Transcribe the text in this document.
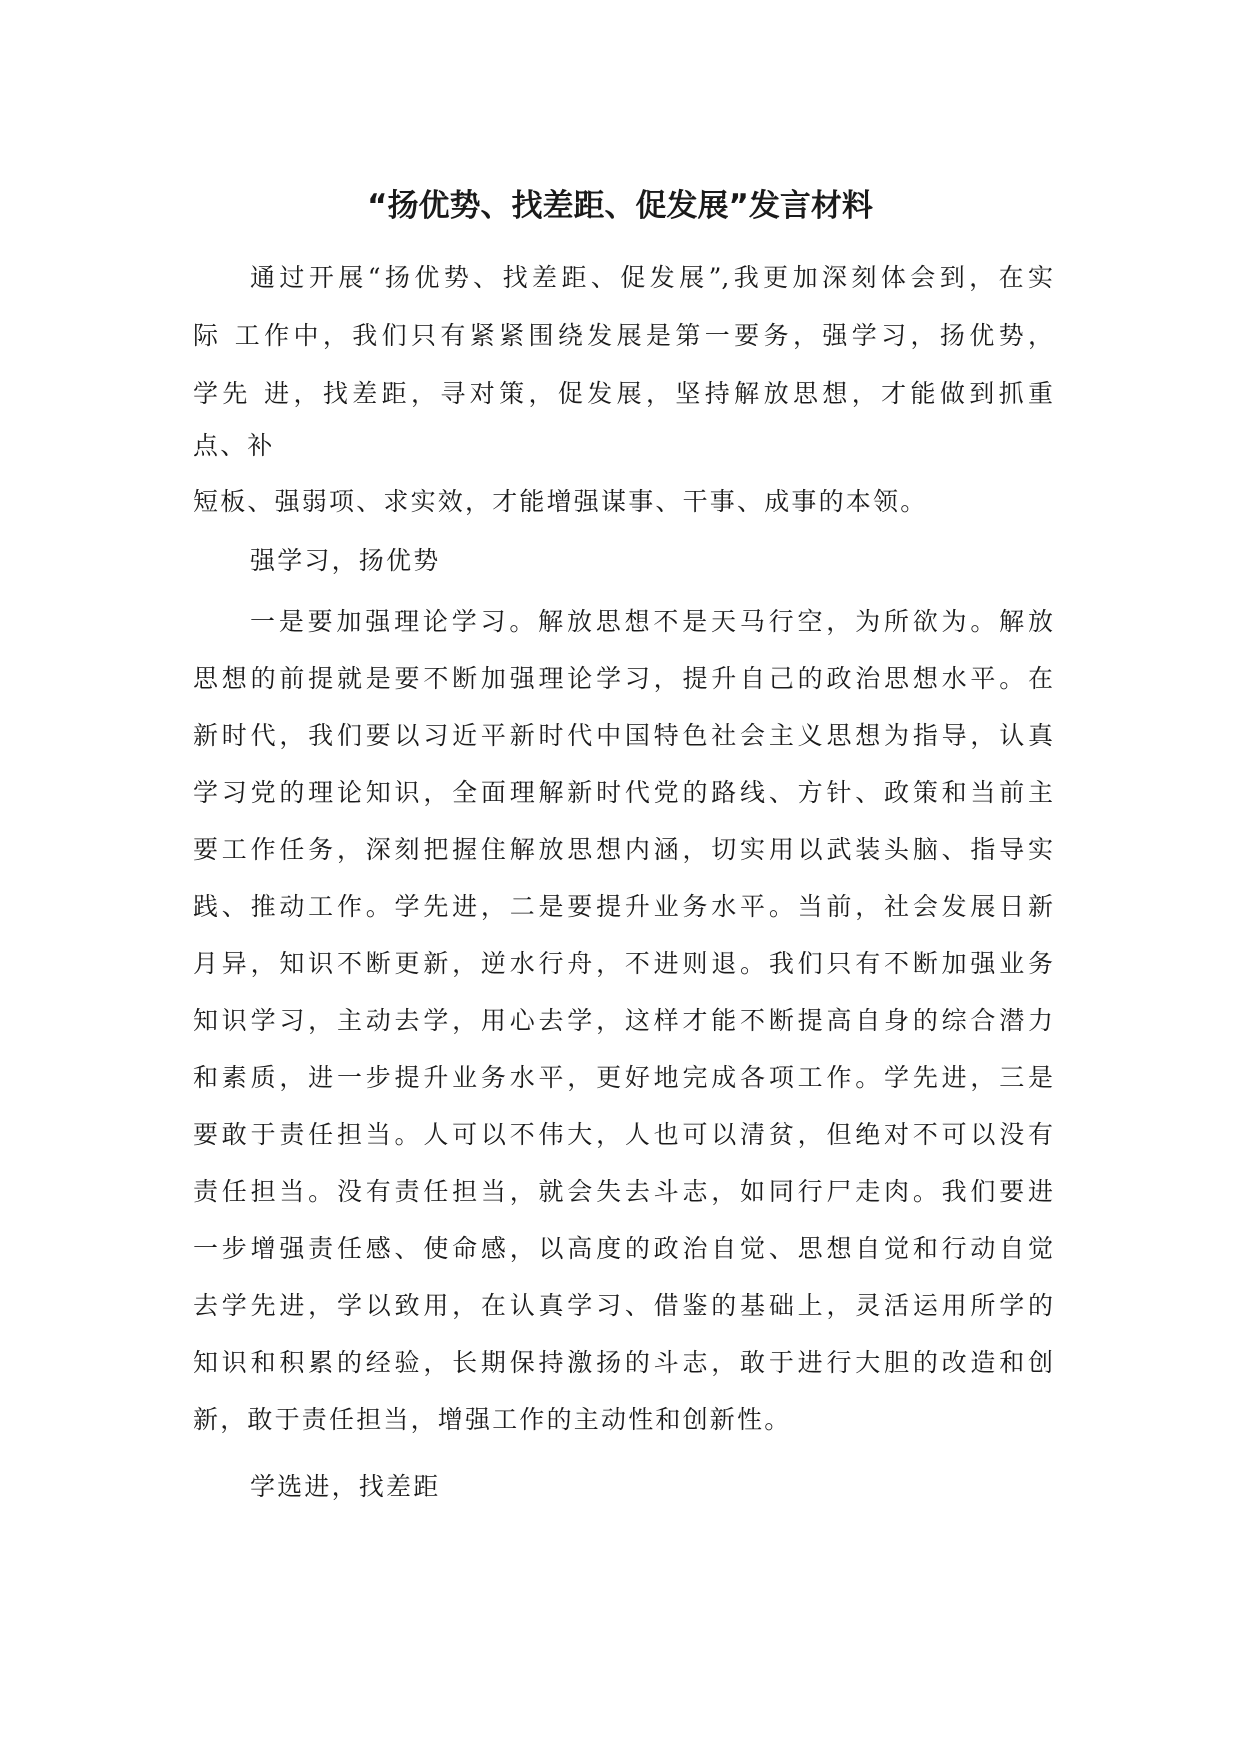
“扬优势、找差距、促发展”发言材料

通过开展“扬优势、找差距、促发展”,我更加深刻体会到，在实

际 工作中，我们只有紧紧围绕发展是第一要务，强学习，扬优势，

学先 进，找差距，寻对策，促发展，坚持解放思想，才能做到抓重

点、补

短板、强弱项、求实效，才能增强谋事、干事、成事的本领。

强学习，扬优势

一是要加强理论学习。解放思想不是天马行空，为所欲为。解放

思想的前提就是要不断加强理论学习，提升自己的政治思想水平。在

新时代，我们要以习近平新时代中国特色社会主义思想为指导，认真

学习党的理论知识，全面理解新时代党的路线、方针、政策和当前主

要工作任务，深刻把握住解放思想内涵，切实用以武装头脑、指导实

践、推动工作。学先进，二是要提升业务水平。当前，社会发展日新

月异，知识不断更新，逆水行舟，不进则退。我们只有不断加强业务

知识学习，主动去学，用心去学，这样才能不断提高自身的综合潜力

和素质，进一步提升业务水平，更好地完成各项工作。学先进，三是

要敢于责任担当。人可以不伟大，人也可以清贫，但绝对不可以没有

责任担当。没有责任担当，就会失去斗志，如同行尸走肉。我们要进

一步增强责任感、使命感，以高度的政治自觉、思想自觉和行动自觉

去学先进，学以致用，在认真学习、借鉴的基础上，灵活运用所学的

知识和积累的经验，长期保持激扬的斗志，敢于进行大胆的改造和创

新，敢于责任担当，增强工作的主动性和创新性。

学选进，找差距
